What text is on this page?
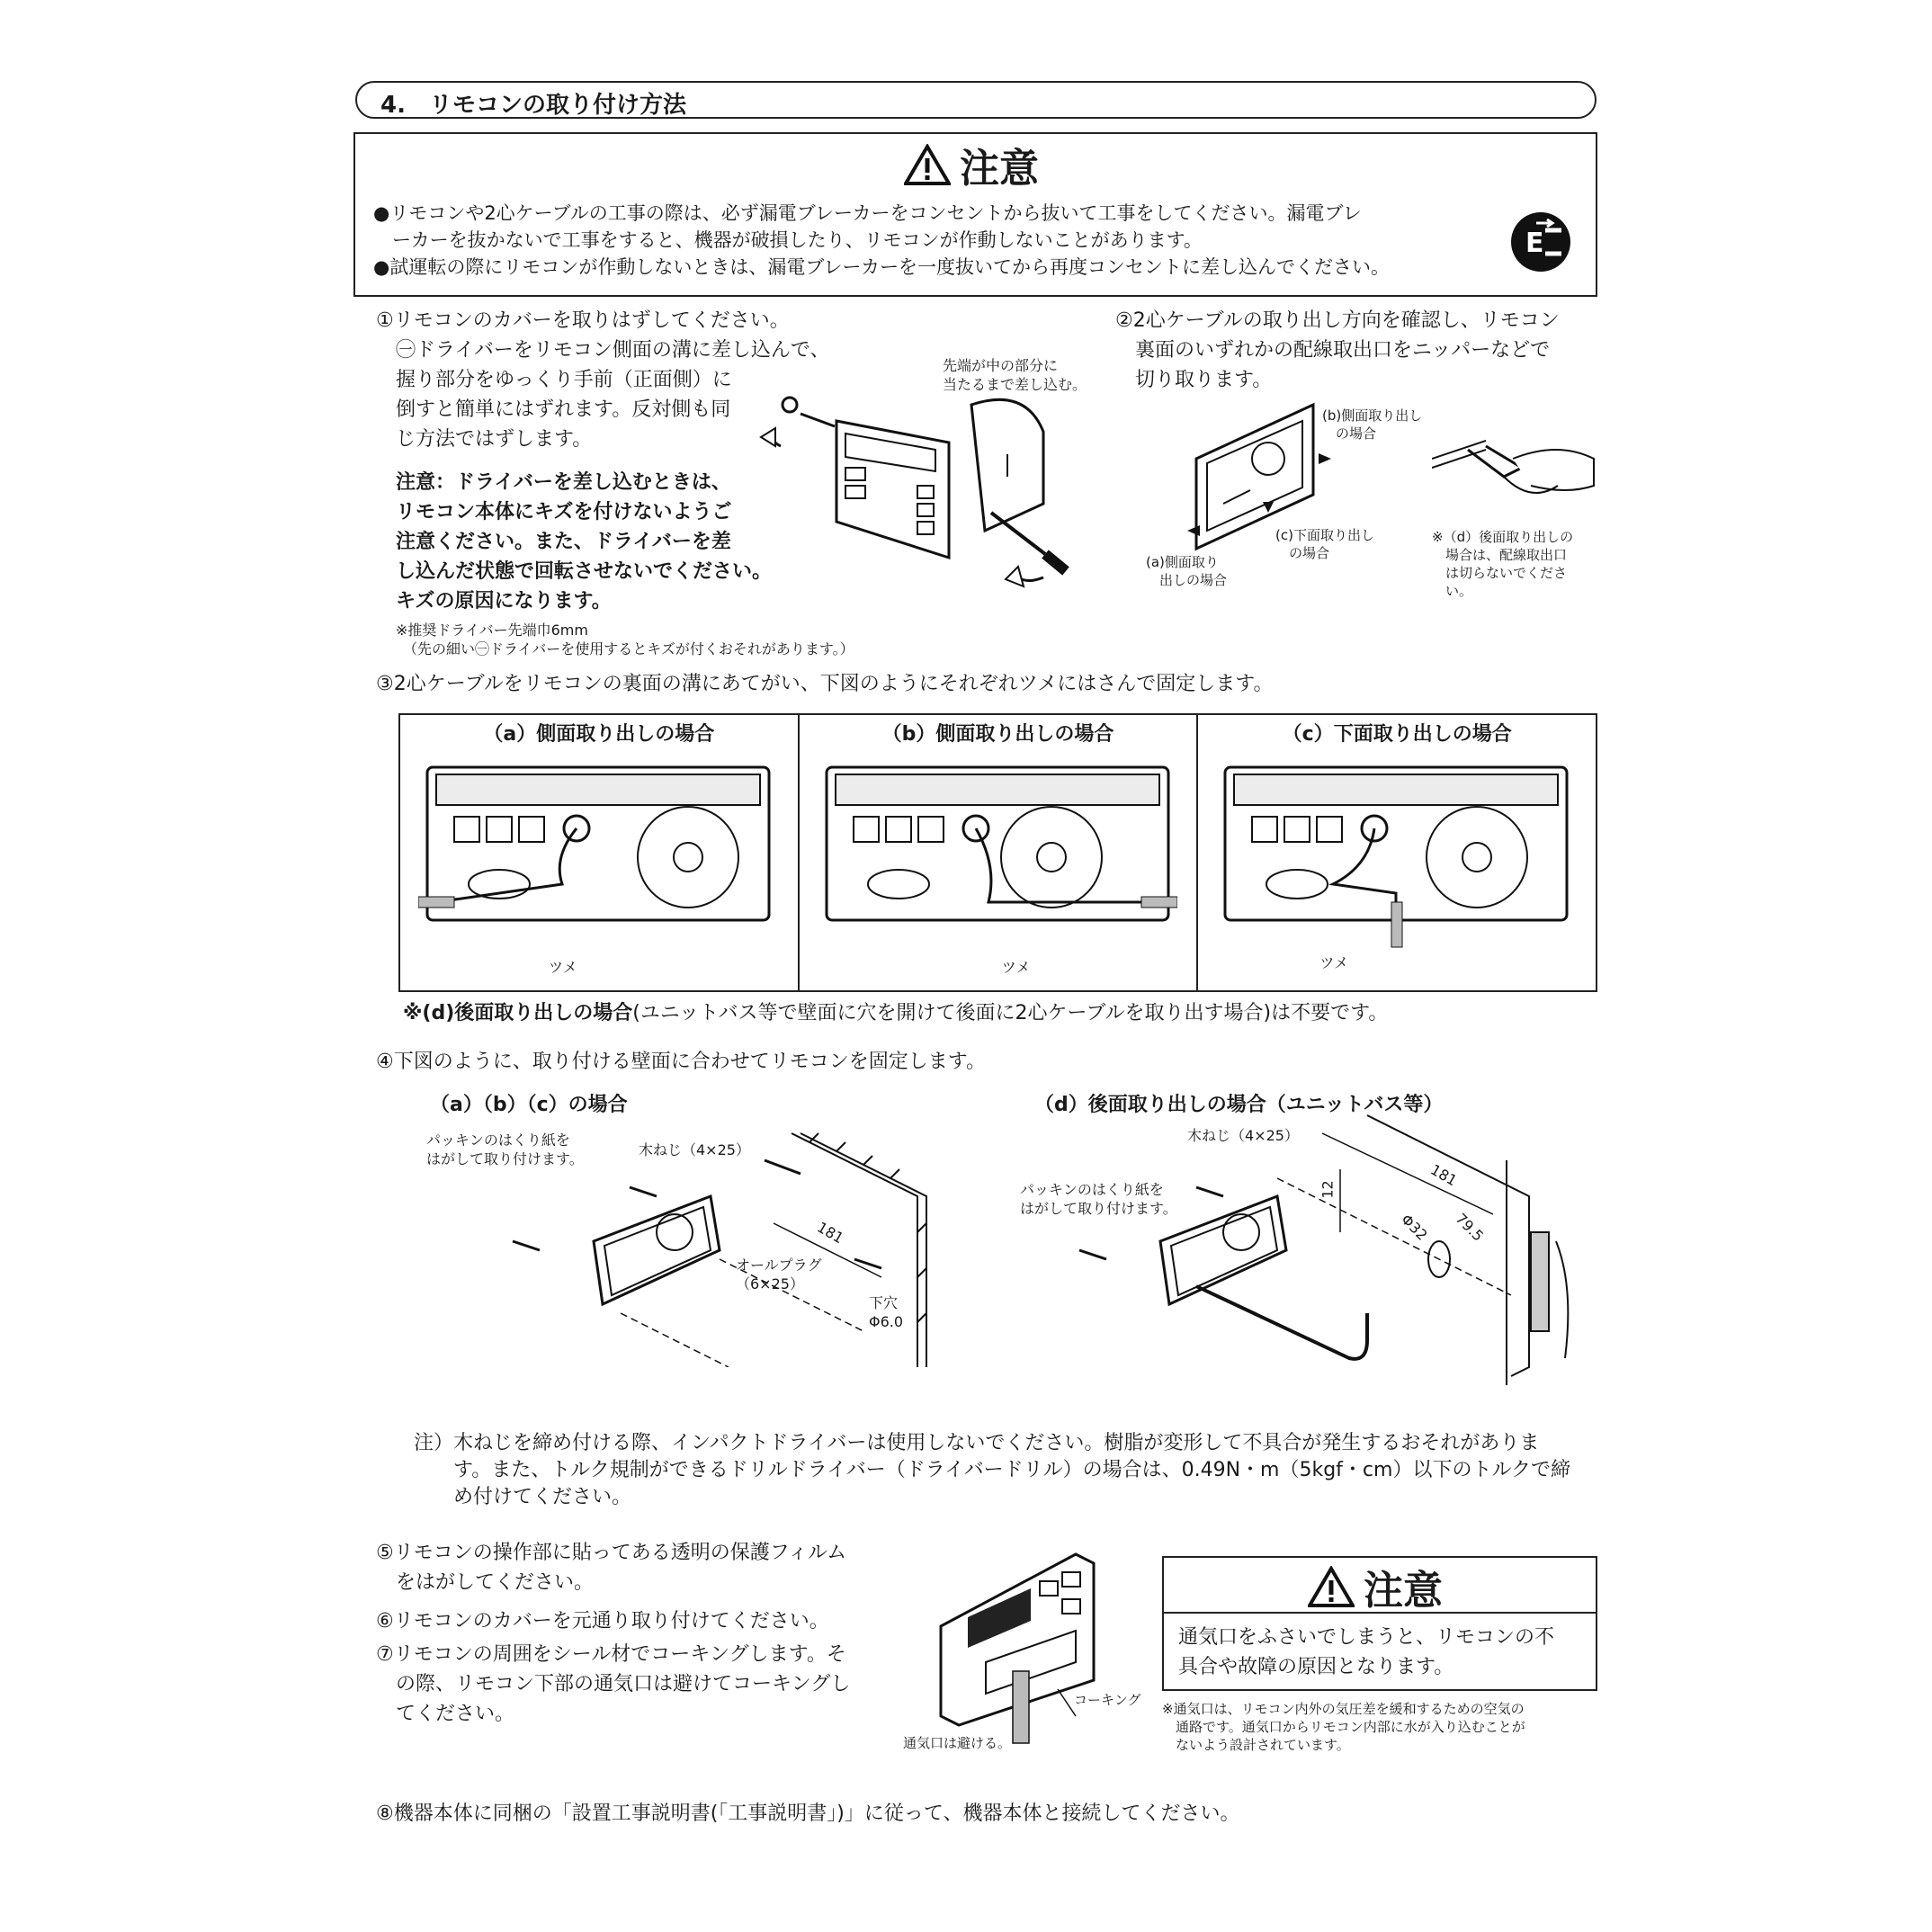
4.　リモコンの取り付け方法
注意
●リモコンや2心ケーブルの工事の際は、必ず漏電ブレーカーをコンセントから抜いて工事をしてください。漏電ブレ
　ーカーを抜かないで工事をすると、機器が破損したり、リモコンが作動しないことがあります。
●試運転の際にリモコンが作動しないときは、漏電ブレーカーを一度抜いてから再度コンセントに差し込んでください。
E
①リモコンのカバーを取りはずしてください。
　㊀ドライバーをリモコン側面の溝に差し込んで、
　握り部分をゆっくり手前（正面側）に
　倒すと簡単にはずれます。反対側も同
　じ方法ではずします。
注意：ドライバーを差し込むときは、
リモコン本体にキズを付けないようご
注意ください。また、ドライバーを差
し込んだ状態で回転させないでください。
キズの原因になります。
※推奨ドライバー先端巾6mm
　（先の細い㊀ドライバーを使用するとキズが付くおそれがあります。）
先端が中の部分に
当たるまで差し込む。
②2心ケーブルの取り出し方向を確認し、リモコン
　裏面のいずれかの配線取出口をニッパーなどで
　切り取ります。
(b)側面取り出し
　の場合
(c)下面取り出し
　の場合
(a)側面取り
　出しの場合
※（d）後面取り出しの
　場合は、配線取出口
　は切らないでくださ
　い。
③2心ケーブルをリモコンの裏面の溝にあてがい、下図のようにそれぞれツメにはさんで固定します。
（a）側面取り出しの場合
ツメ
（b）側面取り出しの場合
ツメ
（c）下面取り出しの場合
ツメ
※(d)後面取り出しの場合(ユニットバス等で壁面に穴を開けて後面に2心ケーブルを取り出す場合)は不要です。
④下図のように、取り付ける壁面に合わせてリモコンを固定します。
（a）（b）（c）の場合	（d）後面取り出しの場合（ユニットバス等）
パッキンのはくり紙を
はがして取り付けます。
木ねじ（4×25）
オールプラグ
（6×25）
181
下穴
Φ6.0
木ねじ（4×25）
パッキンのはくり紙を
はがして取り付けます。
181
12
Φ32 79.5
注）木ねじを締め付ける際、インパクトドライバーは使用しないでください。樹脂が変形して不具合が発生するおそれがありま
　　す。また、トルク規制ができるドリルドライバー（ドライバードリル）の場合は、0.49N・m（5kgf・cm）以下のトルクで締
　　め付けてください。
⑤リモコンの操作部に貼ってある透明の保護フィルム
　をはがしてください。
⑥リモコンのカバーを元通り取り付けてください。
⑦リモコンの周囲をシール材でコーキングします。そ
　の際、リモコン下部の通気口は避けてコーキングし
　てください。
コーキング
通気口は避ける。
注意
通気口をふさいでしまうと、リモコンの不
具合や故障の原因となります。
※通気口は、リモコン内外の気圧差を緩和するための空気の
　通路です。通気口からリモコン内部に水が入り込むことが
　ないよう設計されています。
⑧機器本体に同梱の「設置工事説明書(「工事説明書」)」に従って、機器本体と接続してください。
